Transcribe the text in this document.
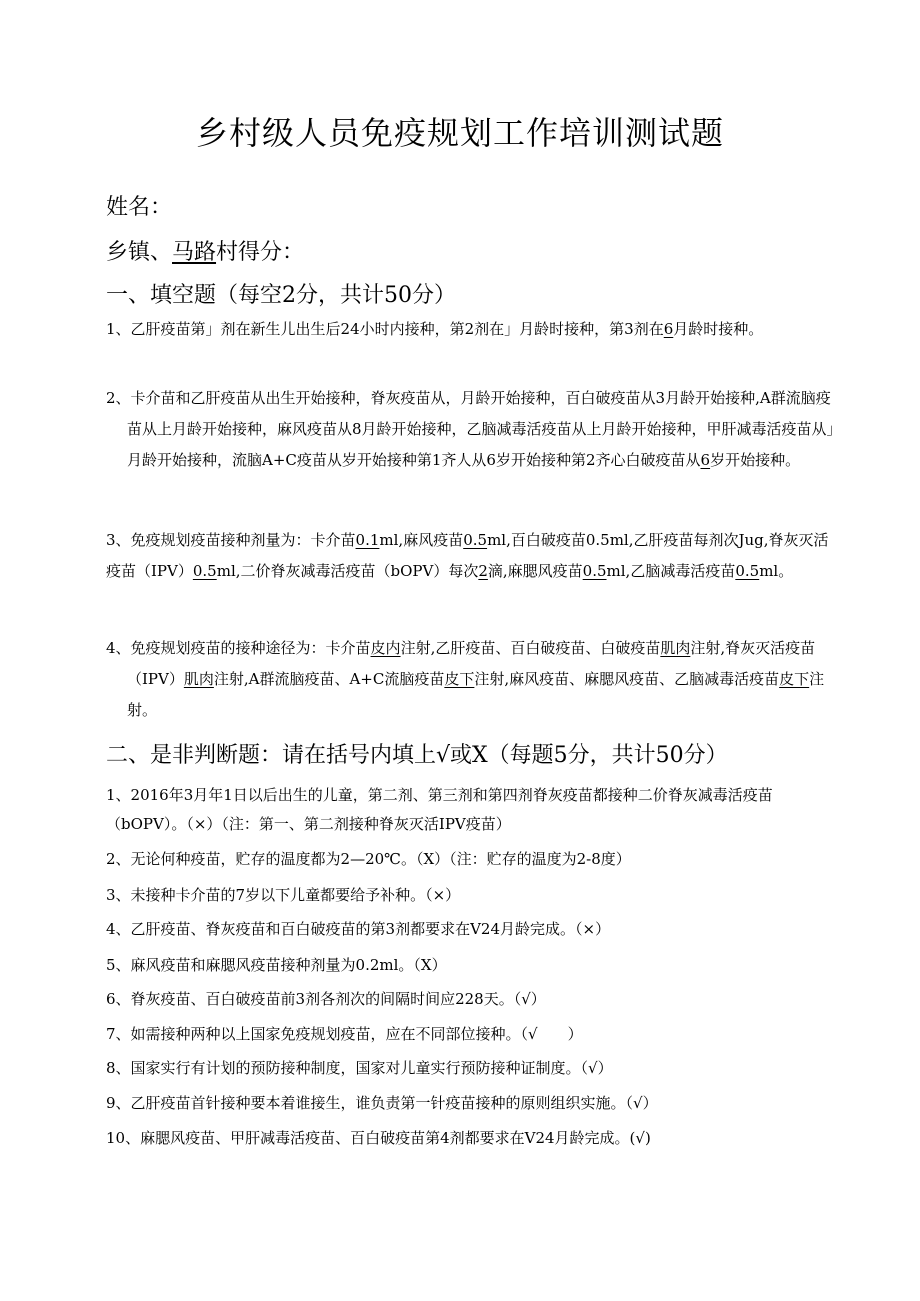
乡村级人员免疫规划工作培训测试题
姓名：
乡镇、马路村得分：
一、填空题（每空2分，共计50分）
1、乙肝疫苗第」剂在新生儿出生后24小时内接种，第2剂在」月龄时接种，第3剂在6月龄时接种。
2、卡介苗和乙肝疫苗从出生开始接种，脊灰疫苗从，月龄开始接种，百白破疫苗从3月龄开始接种,A群流脑疫苗从上月龄开始接种，麻风疫苗从8月龄开始接种，乙脑减毒活疫苗从上月龄开始接种，甲肝减毒活疫苗从」月龄开始接种，流脑A+C疫苗从岁开始接种第1齐人从6岁开始接种第2齐心白破疫苗从6岁开始接种。
3、免疫规划疫苗接种剂量为：卡介苗0.1ml,麻风疫苗0.5ml,百白破疫苗0.5ml,乙肝疫苗每剂次Jug,脊灰灭活疫苗（IPV）0.5ml,二价脊灰减毒活疫苗（bOPV）每次2滴,麻腮风疫苗0.5ml,乙脑减毒活疫苗0.5ml。
4、免疫规划疫苗的接种途径为：卡介苗皮内注射,乙肝疫苗、百白破疫苗、白破疫苗肌肉注射,脊灰灭活疫苗（IPV）肌肉注射,A群流脑疫苗、A+C流脑疫苗皮下注射,麻风疫苗、麻腮风疫苗、乙脑减毒活疫苗皮下注射。
二、是非判断题：请在括号内填上√或X（每题5分，共计50分）
1、2016年3月年1日以后出生的儿童，第二剂、第三剂和第四剂脊灰疫苗都接种二价脊灰减毒活疫苗（bOPV）。（×）（注：第一、第二剂接种脊灰灭活IPV疫苗）
2、无论何种疫苗，贮存的温度都为2—20℃。（X）（注：贮存的温度为2-8度）
3、未接种卡介苗的7岁以下儿童都要给予补种。（×）
4、乙肝疫苗、脊灰疫苗和百白破疫苗的第3剂都要求在V24月龄完成。（×）
5、麻风疫苗和麻腮风疫苗接种剂量为0.2ml。（X）
6、脊灰疫苗、百白破疫苗前3剂各剂次的间隔时间应228天。（√）
7、如需接种两种以上国家免疫规划疫苗，应在不同部位接种。（√　　）
8、国家实行有计划的预防接种制度，国家对儿童实行预防接种证制度。（√）
9、乙肝疫苗首针接种要本着谁接生，谁负责第一针疫苗接种的原则组织实施。（√）
10、麻腮风疫苗、甲肝减毒活疫苗、百白破疫苗第4剂都要求在V24月龄完成。(√)
